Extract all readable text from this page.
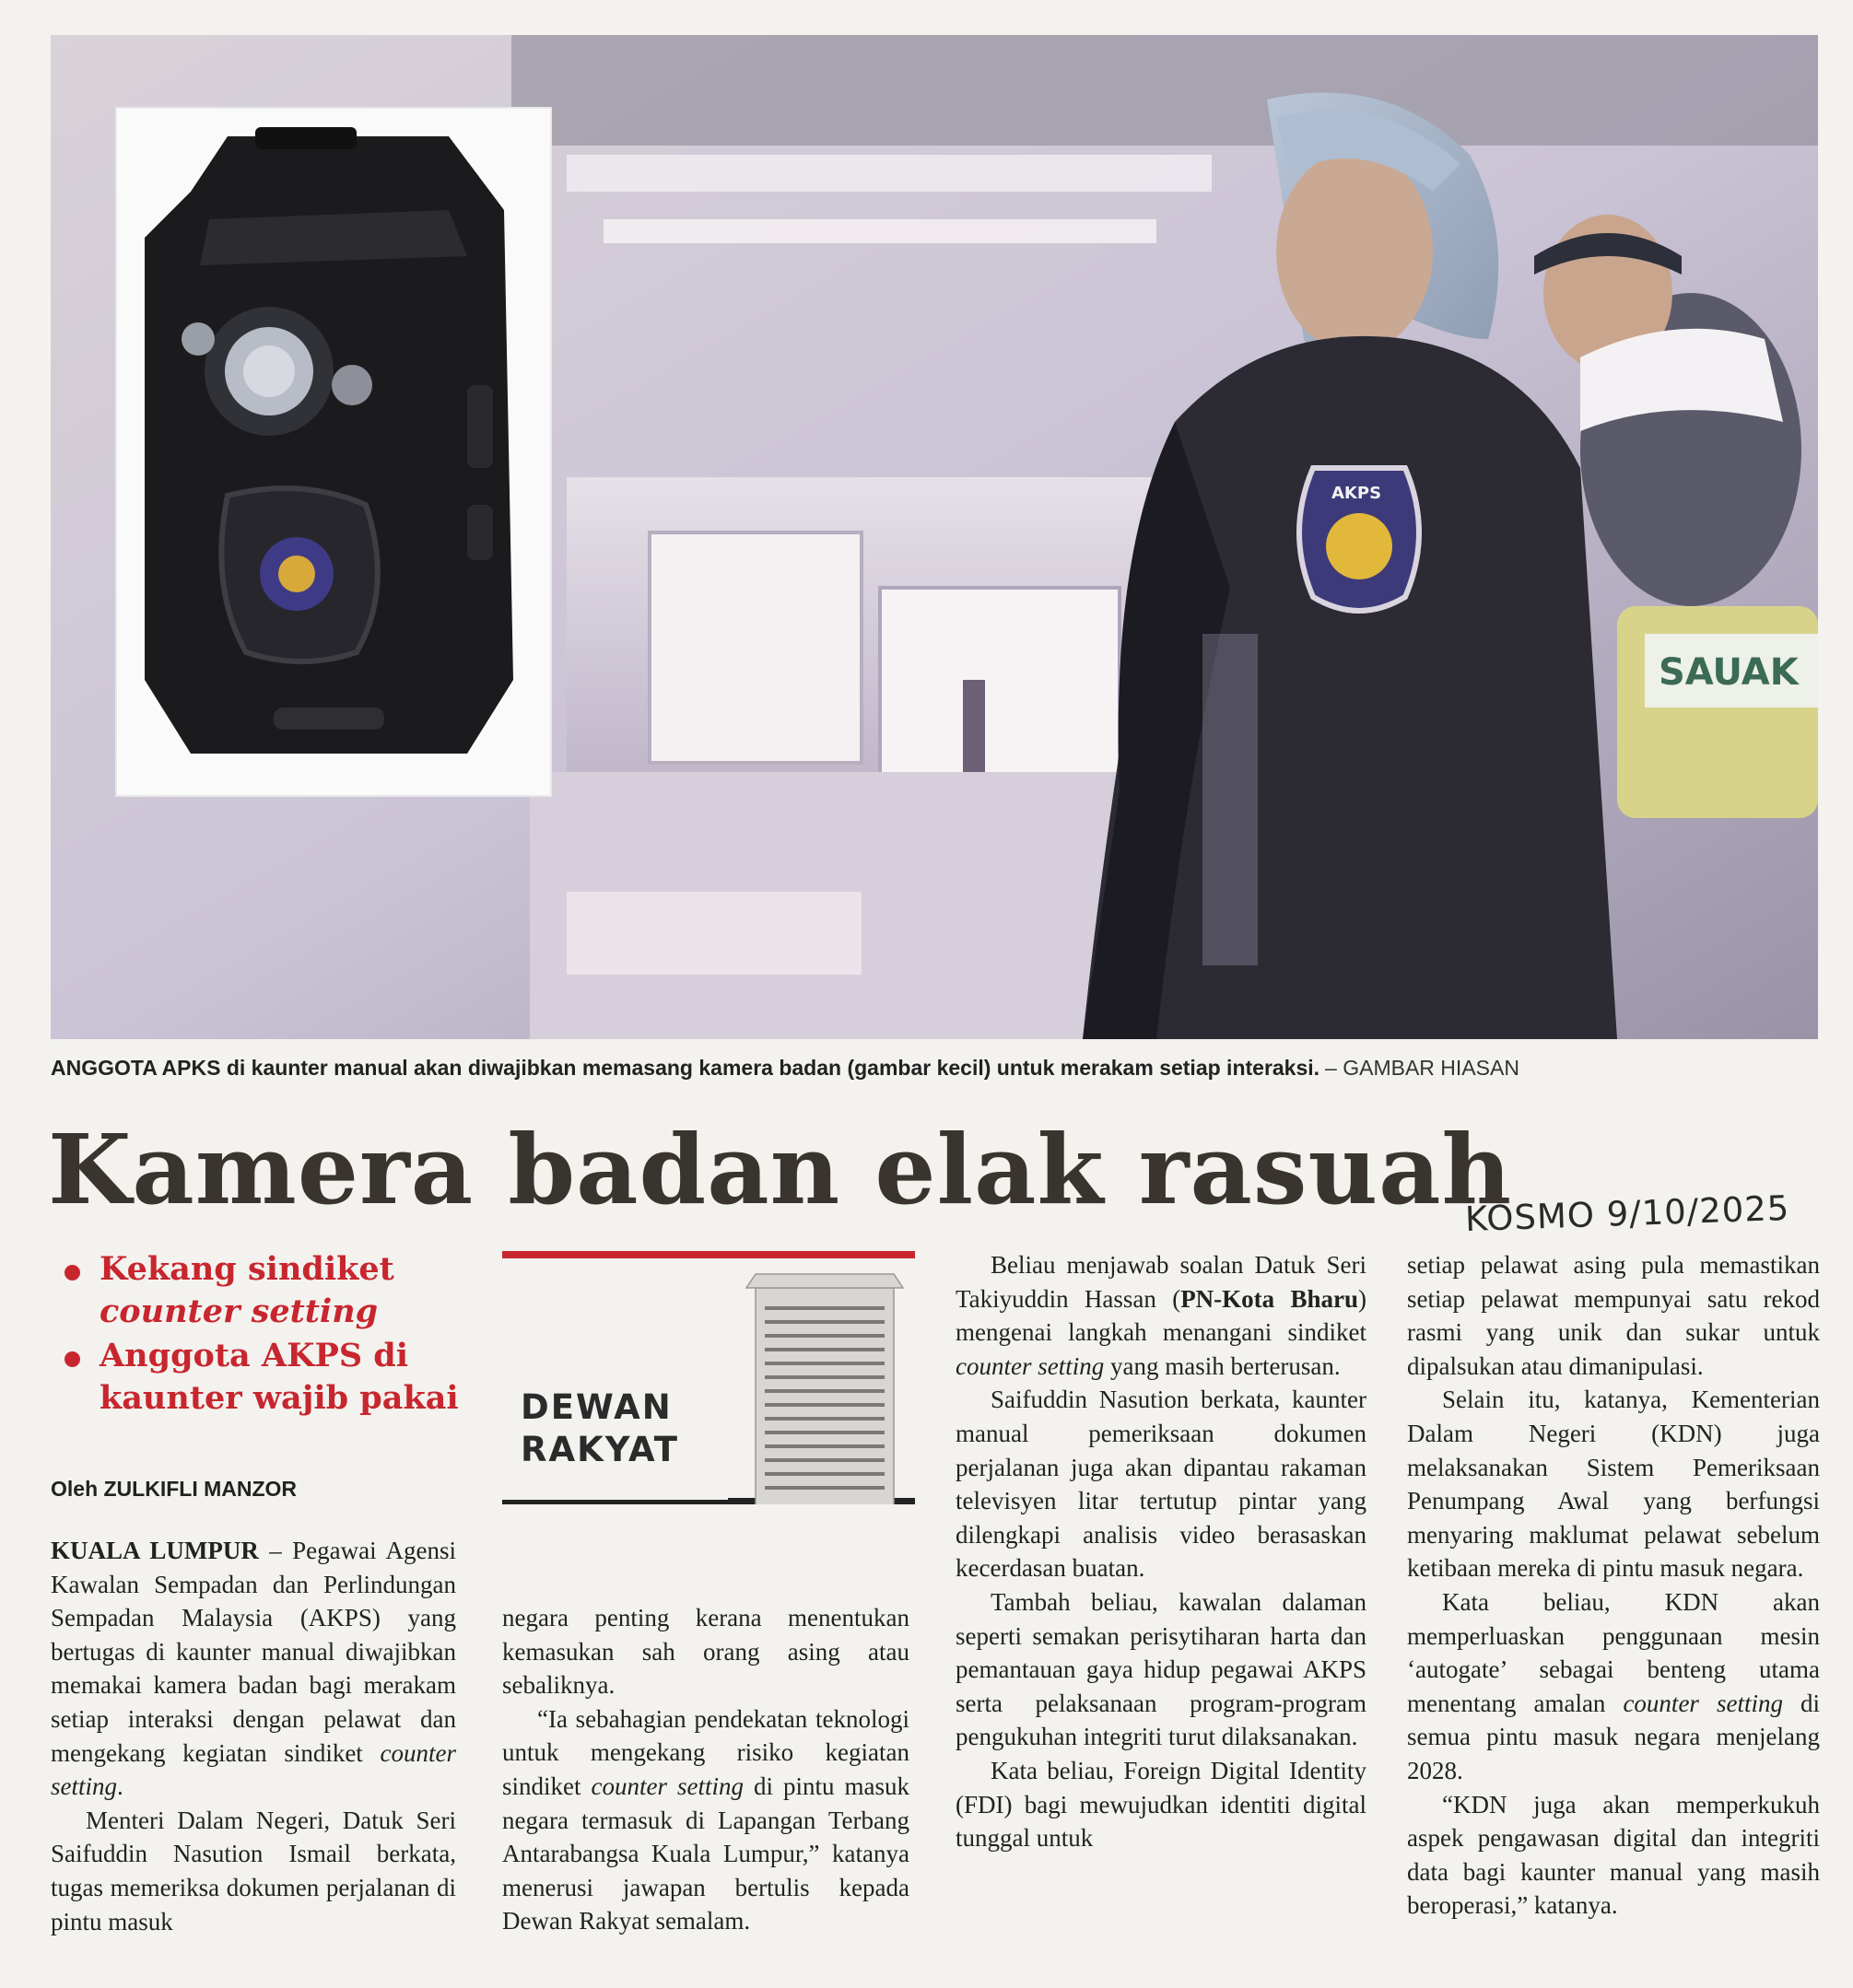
SAUAK
AKPS
ANGGOTA APKS di kaunter manual akan diwajibkan memasang kamera badan (gambar kecil) untuk merakam setiap interaksi. – GAMBAR HIASAN
Kamera badan elak rasuah
KOSMO 9/10/2025
Kekang sindiket
counter setting
Anggota AKPS di
kaunter wajib pakai
Oleh ZULKIFLI MANZOR
DEWAN
RAKYAT

KUALA LUMPUR – Pegawai Agensi Kawalan Sempadan dan Perlindungan Sempadan Malaysia (AKPS) yang bertugas di kaunter manual diwajibkan memakai kamera badan bagi merakam setiap interaksi dengan pelawat dan mengekang kegiatan sindiket counter setting.

Menteri Dalam Negeri, Datuk Seri Saifuddin Nasution Ismail berkata, tugas memeriksa dokumen perjalanan di pintu masuk

negara penting kerana menentukan kemasukan sah orang asing atau sebaliknya.

“Ia sebahagian pendekatan teknologi untuk mengekang risiko kegiatan sindiket counter setting di pintu masuk negara termasuk di Lapangan Terbang Antarabangsa Kuala Lumpur,” katanya menerusi jawapan bertulis kepada Dewan Rakyat semalam.

Beliau menjawab soalan Datuk Seri Takiyuddin Hassan (PN-Kota Bharu) mengenai langkah menangani sindiket counter setting yang masih berterusan.

Saifuddin Nasution berkata, kaunter manual pemeriksaan dokumen perjalanan juga akan dipantau rakaman televisyen litar tertutup pintar yang dilengkapi analisis video berasaskan kecerdasan buatan.

Tambah beliau, kawalan dalaman seperti semakan perisytiharan harta dan pemantauan gaya hidup pegawai AKPS serta pelaksanaan program-program pengukuhan integriti turut dilaksanakan.

Kata beliau, Foreign Digital Identity (FDI) bagi mewujudkan identiti digital tunggal untuk

setiap pelawat asing pula memastikan setiap pelawat mempunyai satu rekod rasmi yang unik dan sukar untuk dipalsukan atau dimanipulasi.

Selain itu, katanya, Kementerian Dalam Negeri (KDN) juga melaksanakan Sistem Pemeriksaan Penumpang Awal yang berfungsi menyaring maklumat pelawat sebelum ketibaan mereka di pintu masuk negara.

Kata beliau, KDN akan memperluaskan penggunaan mesin ‘autogate’ sebagai benteng utama menentang amalan counter setting di semua pintu masuk negara menjelang 2028.

“KDN juga akan memperkukuh aspek pengawasan digital dan integriti data bagi kaunter manual yang masih beroperasi,” katanya.
